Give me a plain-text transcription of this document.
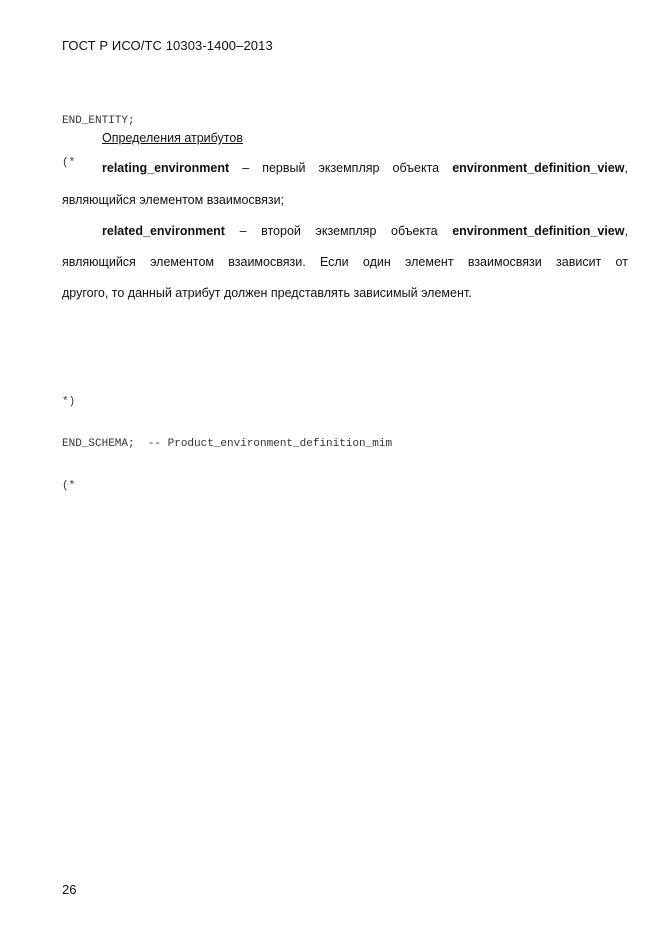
ГОСТ Р ИСО/ТС 10303-1400–2013

END_ENTITY;

(*

Определения атрибутов
relating_environment – первый экземпляр объекта environment_definition_view,
являющийся элементом взаимосвязи;
related_environment – второй экземпляр объекта environment_definition_view,
являющийся элементом взаимосвязи. Если один элемент взаимосвязи зависит от
другого, то данный атрибут должен представлять зависимый элемент.

*)

END_SCHEMA;  -- Product_environment_definition_mim

(*

26
